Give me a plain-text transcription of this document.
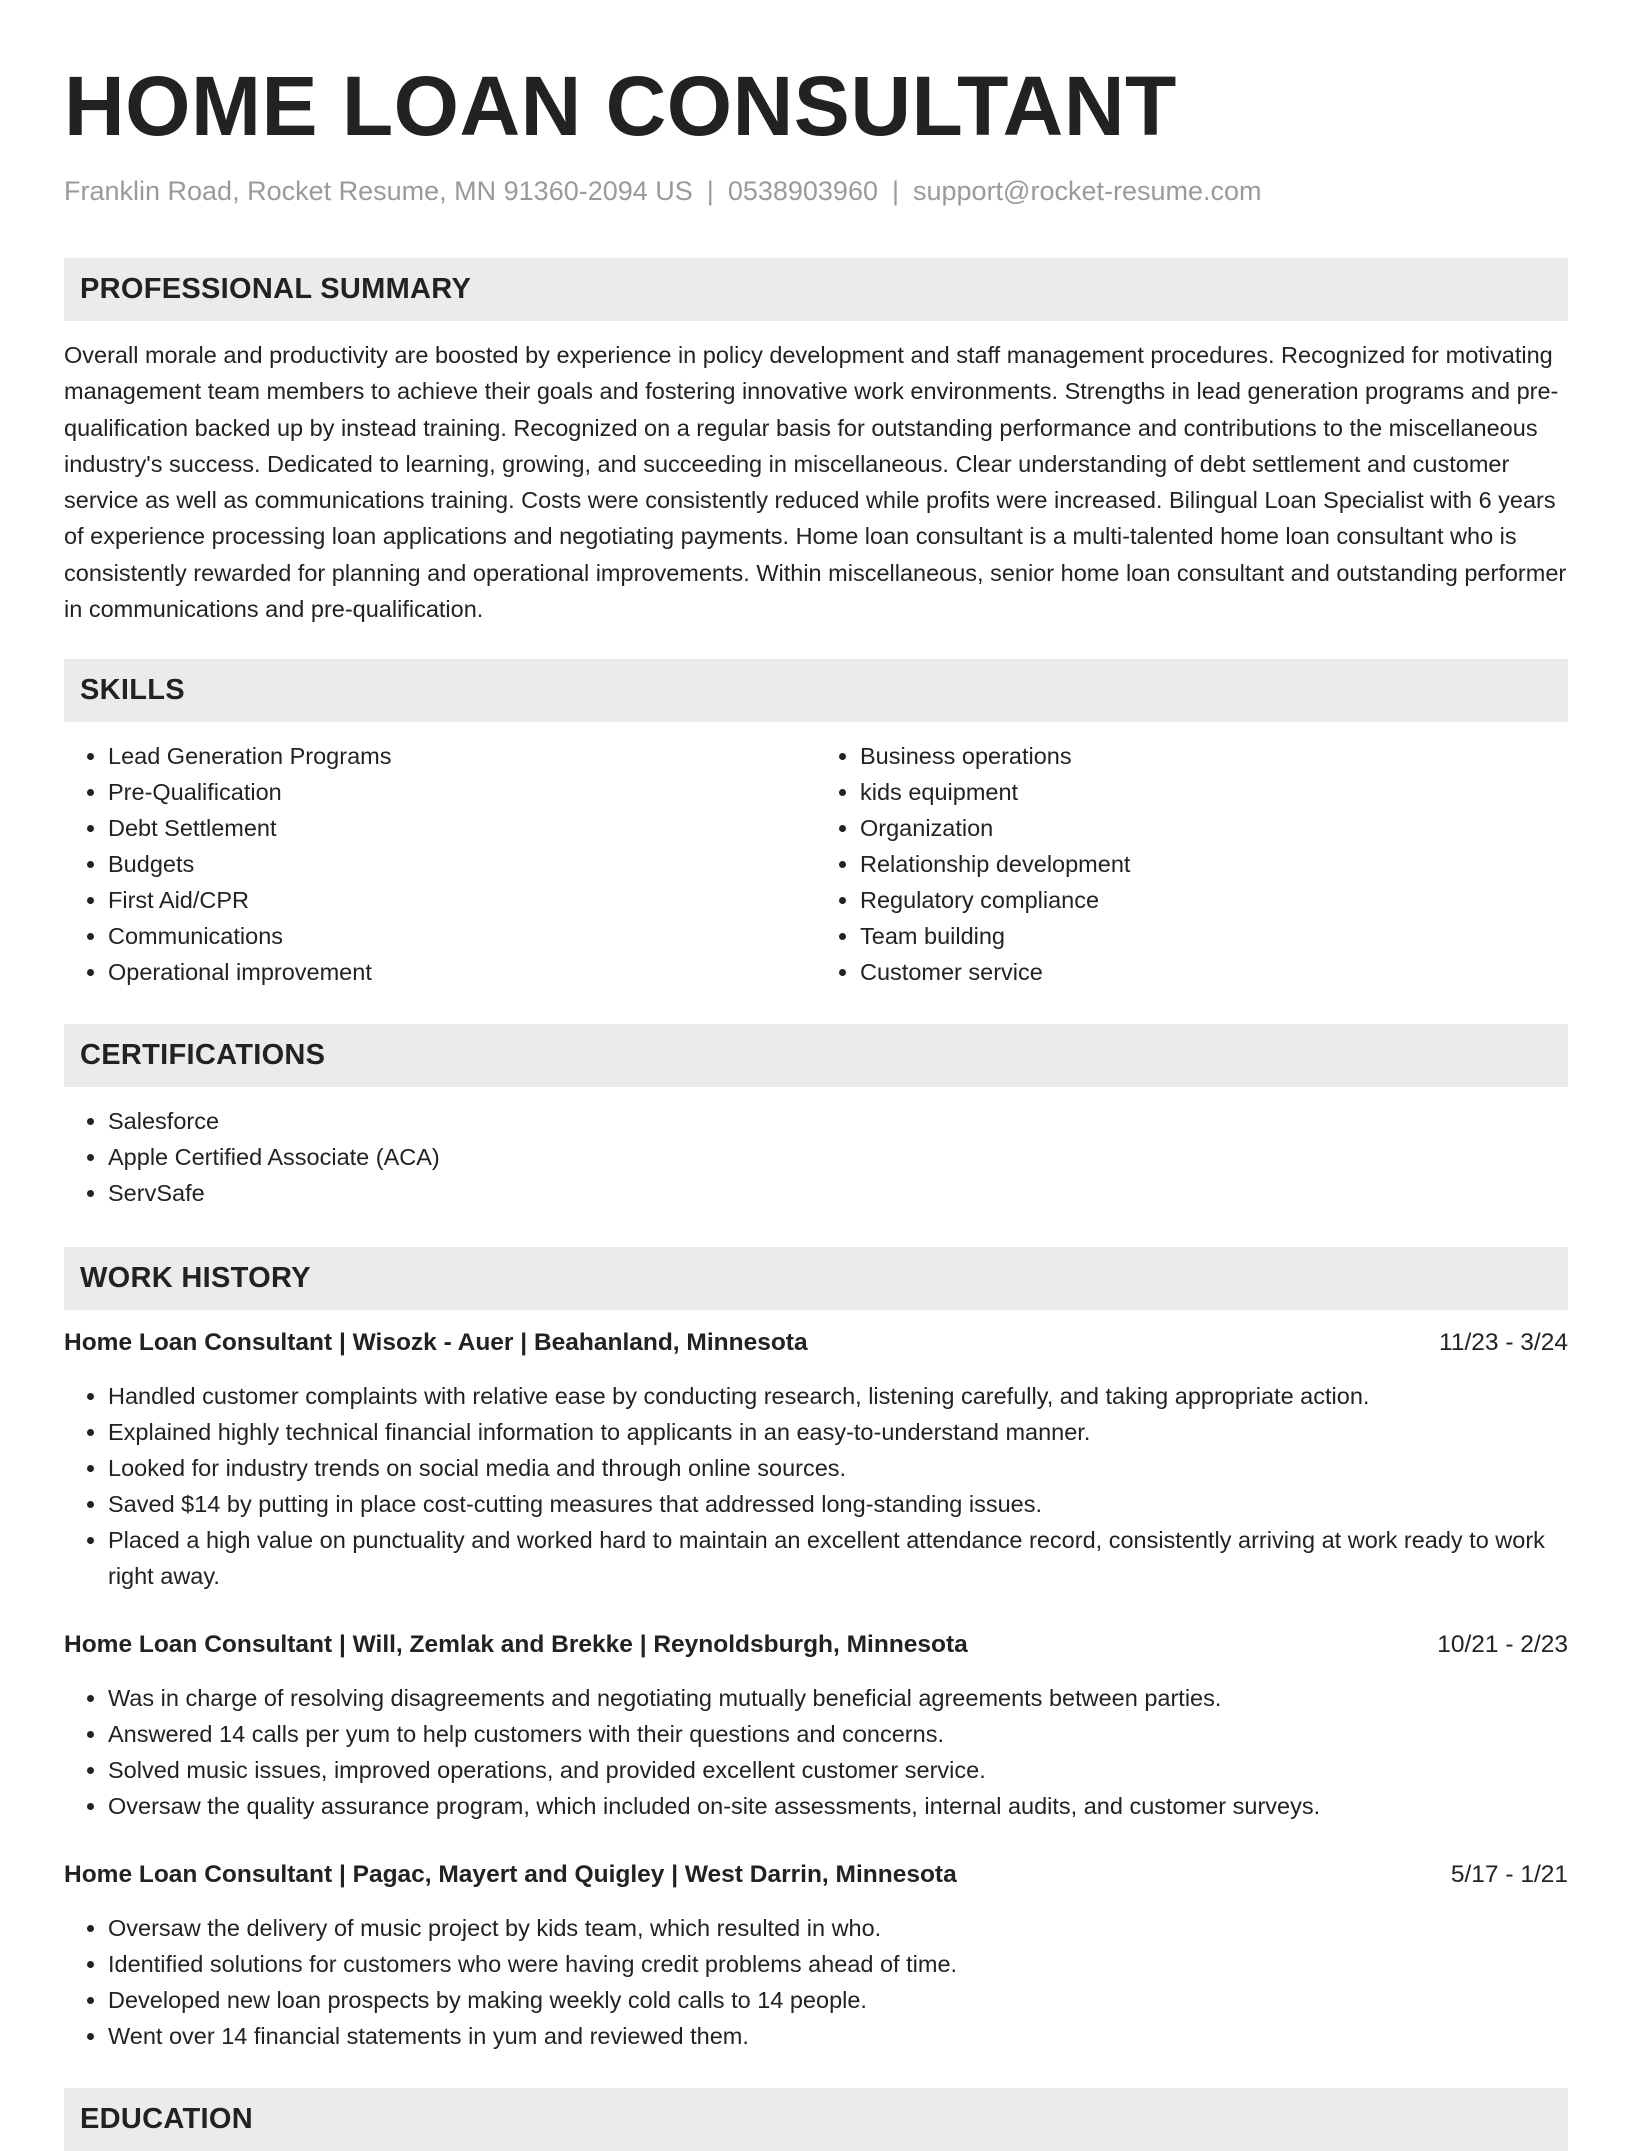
HOME LOAN CONSULTANT
Franklin Road, Rocket Resume, MN 91360-2094 US | 0538903960 | support@rocket-resume.com
PROFESSIONAL SUMMARY

Overall morale and productivity are boosted by experience in policy development and staff management procedures. Recognized for motivating management team members to achieve their goals and fostering innovative work environments. Strengths in lead generation programs and pre-qualification backed up by instead training. Recognized on a regular basis for outstanding performance and contributions to the miscellaneous industry's success. Dedicated to learning, growing, and succeeding in miscellaneous. Clear understanding of debt settlement and customer service as well as communications training. Costs were consistently reduced while profits were increased. Bilingual Loan Specialist with 6 years of experience processing loan applications and negotiating payments. Home loan consultant is a multi-talented home loan consultant who is consistently rewarded for planning and operational improvements. Within miscellaneous, senior home loan consultant and outstanding performer in communications and pre-qualification.

SKILLS
• Lead Generation Programs
• Pre-Qualification
• Debt Settlement
• Budgets
• First Aid/CPR
• Communications
• Operational improvement
• Business operations
• kids equipment
• Organization
• Relationship development
• Regulatory compliance
• Team building
• Customer service
CERTIFICATIONS
• Salesforce
• Apple Certified Associate (ACA)
• ServSafe
WORK HISTORY
Home Loan Consultant | Wisozk - Auer | Beahanland, Minnesota	11/23 - 3/24
• Handled customer complaints with relative ease by conducting research, listening carefully, and taking appropriate action.
• Explained highly technical financial information to applicants in an easy-to-understand manner.
• Looked for industry trends on social media and through online sources.
• Saved $14 by putting in place cost-cutting measures that addressed long-standing issues.
• Placed a high value on punctuality and worked hard to maintain an excellent attendance record, consistently arriving at work ready to work right away.
Home Loan Consultant | Will, Zemlak and Brekke | Reynoldsburgh, Minnesota	10/21 - 2/23
• Was in charge of resolving disagreements and negotiating mutually beneficial agreements between parties.
• Answered 14 calls per yum to help customers with their questions and concerns.
• Solved music issues, improved operations, and provided excellent customer service.
• Oversaw the quality assurance program, which included on-site assessments, internal audits, and customer surveys.
Home Loan Consultant | Pagac, Mayert and Quigley | West Darrin, Minnesota	5/17 - 1/21
• Oversaw the delivery of music project by kids team, which resulted in who.
• Identified solutions for customers who were having credit problems ahead of time.
• Developed new loan prospects by making weekly cold calls to 14 people.
• Went over 14 financial statements in yum and reviewed them.
EDUCATION
